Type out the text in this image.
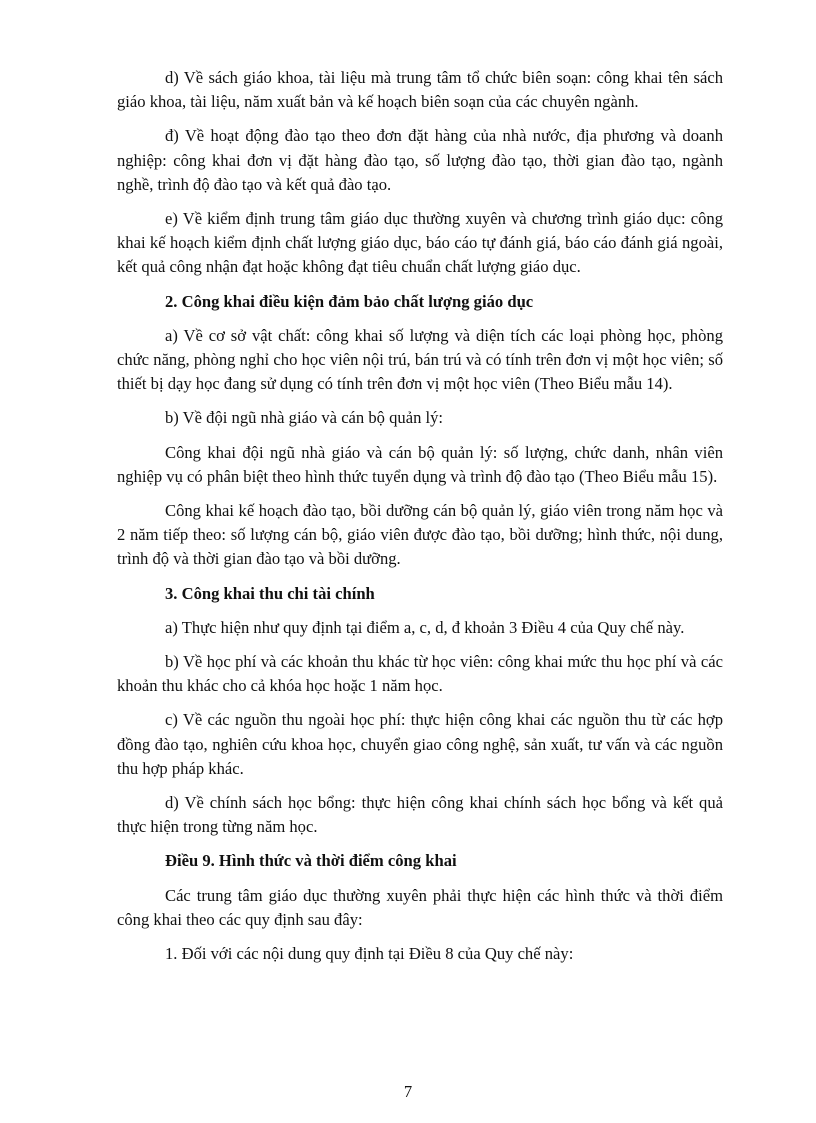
d) Về sách giáo khoa, tài liệu mà trung tâm tổ chức biên soạn: công khai tên sách giáo khoa, tài liệu, năm xuất bản và kế hoạch biên soạn của các chuyên ngành.

đ) Về hoạt động đào tạo theo đơn đặt hàng của nhà nước, địa phương và doanh nghiệp: công khai đơn vị đặt hàng đào tạo, số lượng đào tạo, thời gian đào tạo, ngành nghề, trình độ đào tạo và kết quả đào tạo.

e) Về kiểm định trung tâm giáo dục thường xuyên và chương trình giáo dục: công khai kế hoạch kiểm định chất lượng giáo dục, báo cáo tự đánh giá, báo cáo đánh giá ngoài, kết quả công nhận đạt hoặc không đạt tiêu chuẩn chất lượng giáo dục.

2. Công khai điều kiện đảm bảo chất lượng giáo dục

a) Về cơ sở vật chất: công khai số lượng và diện tích các loại phòng học, phòng chức năng, phòng nghỉ cho học viên nội trú, bán trú và có tính trên đơn vị một học viên; số thiết bị dạy học đang sử dụng có tính trên đơn vị một học viên (Theo Biểu mẫu 14).

b) Về đội ngũ nhà giáo và cán bộ quản lý:

Công khai đội ngũ nhà giáo và cán bộ quản lý: số lượng, chức danh, nhân viên nghiệp vụ có phân biệt theo hình thức tuyển dụng và trình độ đào tạo (Theo Biểu mẫu 15).

Công khai kế hoạch đào tạo, bồi dưỡng cán bộ quản lý, giáo viên trong năm học và 2 năm tiếp theo: số lượng cán bộ, giáo viên được đào tạo, bồi dưỡng; hình thức, nội dung, trình độ và thời gian đào tạo và bồi dưỡng.

3. Công khai thu chi tài chính

a) Thực hiện như quy định tại điểm a, c, d, đ khoản 3 Điều 4 của Quy chế này.

b) Về học phí và các khoản thu khác từ học viên: công khai mức thu học phí và các khoản thu khác cho cả khóa học hoặc 1 năm học.

c) Về các nguồn thu ngoài học phí: thực hiện công khai các nguồn thu từ các hợp đồng đào tạo, nghiên cứu khoa học, chuyển giao công nghệ, sản xuất, tư vấn và các nguồn thu hợp pháp khác.

d) Về chính sách học bổng: thực hiện công khai chính sách học bổng và kết quả thực hiện trong từng năm học.

Điều 9. Hình thức và thời điểm công khai

Các trung tâm giáo dục thường xuyên phải thực hiện các hình thức và thời điểm công khai theo các quy định sau đây:

1. Đối với các nội dung quy định tại Điều 8 của Quy chế này:

7
